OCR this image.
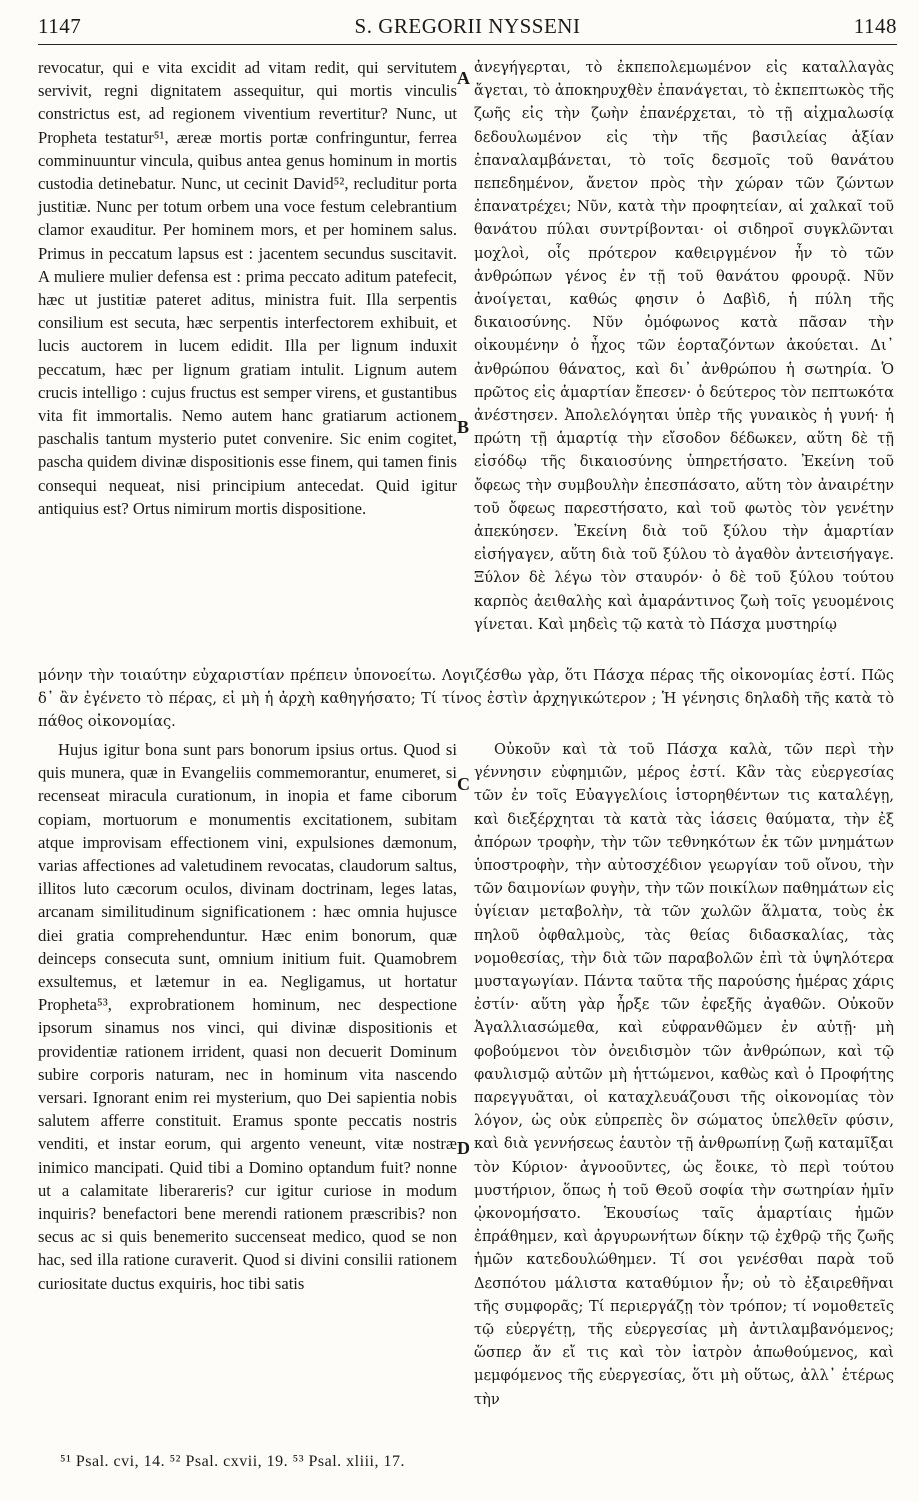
1147	S. GREGORII NYSSENI	1148

revocatur, qui e vita excidit ad vitam redit, qui servitutem servivit, regni dignitatem assequitur, qui mortis vinculis constrictus est, ad regionem viventium revertitur? Nunc, ut Propheta testatur⁵¹, æreæ mortis portæ confringuntur, ferrea comminuuntur vincula, quibus antea genus hominum in mortis custodia detinebatur. Nunc, ut cecinit David⁵², recluditur porta justitiæ. Nunc per totum orbem una voce festum celebrantium clamor exauditur. Per hominem mors, et per hominem salus. Primus in peccatum lapsus est : jacentem secundus suscitavit. A muliere mulier defensa est : prima peccato aditum patefecit, hæc ut justitiæ pateret aditus, ministra fuit. Illa serpentis consilium est secuta, hæc serpentis interfectorem exhibuit, et lucis auctorem in lucem edidit. Illa per lignum induxit peccatum, hæc per lignum gratiam intulit. Lignum autem crucis intelligo : cujus fructus est semper virens, et gustantibus vita fit immortalis. Nemo autem hanc gratiarum actionem paschalis tantum mysterio putet convenire. Sic enim cogitet, pascha quidem divinæ dispositionis esse finem, qui tamen finis consequi nequeat, nisi principium antecedat. Quid igitur antiquius est? Ortus nimirum mortis dispositione.

ἀνεγήγερται, τὸ ἐκπεπολεμωμένον εἰς καταλλαγὰς ἄγεται, τὸ ἀποκηρυχθὲν ἐπανάγεται, τὸ ἐκπεπτωκὸς τῆς ζωῆς εἰς τὴν ζωὴν ἐπανέρχεται, τὸ τῇ αἰχμαλωσίᾳ δεδουλωμένον εἰς τὴν τῆς βασιλείας ἀξίαν ἐπαναλαμβάνεται, τὸ τοῖς δεσμοῖς τοῦ θανάτου πεπεδημένον, ἄνετον πρὸς τὴν χώραν τῶν ζώντων ἐπανατρέχει; Νῦν, κατὰ τὴν προφητείαν, αἱ χαλκαῖ τοῦ θανάτου πύλαι συντρίβονται· οἱ σιδηροῖ συγκλῶνται μοχλοὶ, οἷς πρότερον καθειργμένον ἦν τὸ τῶν ἀνθρώπων γένος ἐν τῇ τοῦ θανάτου φρουρᾷ. Νῦν ἀνοίγεται, καθώς φησιν ὁ Δαβὶδ, ἡ πύλη τῆς δικαιοσύνης. Νῦν ὁμόφωνος κατὰ πᾶσαν τὴν οἰκουμένην ὁ ἦχος τῶν ἑορταζόντων ἀκούεται. Δι᾽ ἀνθρώπου θάνατος, καὶ δι᾽ ἀνθρώπου ἡ σωτηρία. Ὁ πρῶτος εἰς ἁμαρτίαν ἔπεσεν· ὁ δεύτερος τὸν πεπτωκότα ἀνέστησεν. Ἀπολελόγηται ὑπὲρ τῆς γυναικὸς ἡ γυνή· ἡ πρώτη τῇ ἁμαρτίᾳ τὴν εἴσοδον δέδωκεν, αὕτη δὲ τῇ εἰσόδῳ τῆς δικαιοσύνης ὑπηρετήσατο. Ἐκείνη τοῦ ὄφεως τὴν συμβουλὴν ἐπεσπάσατο, αὕτη τὸν ἀναιρέτην τοῦ ὄφεως παρεστήσατο, καὶ τοῦ φωτὸς τὸν γενέτην ἀπεκύησεν. Ἐκείνη διὰ τοῦ ξύλου τὴν ἁμαρτίαν εἰσήγαγεν, αὕτη διὰ τοῦ ξύλου τὸ ἀγαθὸν ἀντεισήγαγε. Ξύλον δὲ λέγω τὸν σταυρόν· ὁ δὲ τοῦ ξύλου τούτου καρπὸς ἀειθαλὴς καὶ ἀμαράντινος ζωὴ τοῖς γευομένοις γίνεται. Καὶ μηδεὶς τῷ κατὰ τὸ Πάσχα μυστηρίῳ

μόνην τὴν τοιαύτην εὐχαριστίαν πρέπειν ὑπονοείτω. Λογιζέσθω γὰρ, ὅτι Πάσχα πέρας τῆς οἰκονομίας ἐστί. Πῶς δ᾽ ἂν ἐγένετο τὸ πέρας, εἰ μὴ ἡ ἀρχὴ καθηγήσατο; Τί τίνος ἐστὶν ἀρχηγικώτερον ; Ἡ γένησις δηλαδὴ τῆς κατὰ τὸ πάθος οἰκονομίας.

Hujus igitur bona sunt pars bonorum ipsius ortus. Quod si quis munera, quæ in Evangeliis commemorantur, enumeret, si recenseat miracula curationum, in inopia et fame ciborum copiam, mortuorum e monumentis excitationem, subitam atque improvisam effectionem vini, expulsiones dæmonum, varias affectiones ad valetudinem revocatas, claudorum saltus, illitos luto cæcorum oculos, divinam doctrinam, leges latas, arcanam similitudinum significationem : hæc omnia hujusce diei gratia comprehenduntur. Hæc enim bonorum, quæ deinceps consecuta sunt, omnium initium fuit. Quamobrem exsultemus, et lætemur in ea. Negligamus, ut hortatur Propheta⁵³, exprobrationem hominum, nec despectione ipsorum sinamus nos vinci, qui divinæ dispositionis et providentiæ rationem irrident, quasi non decuerit Dominum subire corporis naturam, nec in hominum vita nascendo versari. Ignorant enim rei mysterium, quo Dei sapientia nobis salutem afferre constituit. Eramus sponte peccatis nostris venditi, et instar eorum, qui argento veneunt, vitæ nostræ inimico mancipati. Quid tibi a Domino optandum fuit? nonne ut a calamitate liberareris? cur igitur curiose in modum inquiris? benefactori bene merendi rationem præscribis? non secus ac si quis benemerito succenseat medico, quod se non hac, sed illa ratione curaverit. Quod si divini consilii rationem curiositate ductus exquiris, hoc tibi satis

Οὐκοῦν καὶ τὰ τοῦ Πάσχα καλὰ, τῶν περὶ τὴν γέννησιν εὐφημιῶν, μέρος ἐστί. Κἂν τὰς εὐεργεσίας τῶν ἐν τοῖς Εὐαγγελίοις ἱστορηθέντων τις καταλέγῃ, καὶ διεξέρχηται τὰ κατὰ τὰς ἰάσεις θαύματα, τὴν ἐξ ἀπόρων τροφὴν, τὴν τῶν τεθνηκότων ἐκ τῶν μνημάτων ὑποστροφὴν, τὴν αὐτοσχέδιον γεωργίαν τοῦ οἴνου, τὴν τῶν δαιμονίων φυγὴν, τὴν τῶν ποικίλων παθημάτων εἰς ὑγίειαν μεταβολὴν, τὰ τῶν χωλῶν ἅλματα, τοὺς ἐκ πηλοῦ ὀφθαλμοὺς, τὰς θείας διδασκαλίας, τὰς νομοθεσίας, τὴν διὰ τῶν παραβολῶν ἐπὶ τὰ ὑψηλότερα μυσταγωγίαν. Πάντα ταῦτα τῆς παρούσης ἡμέρας χάρις ἐστίν· αὕτη γὰρ ἦρξε τῶν ἐφεξῆς ἀγαθῶν. Οὐκοῦν Ἀγαλλιασώμεθα, καὶ εὐφρανθῶμεν ἐν αὐτῇ· μὴ φοβούμενοι τὸν ὀνειδισμὸν τῶν ἀνθρώπων, καὶ τῷ φαυλισμῷ αὐτῶν μὴ ἡττώμενοι, καθὼς καὶ ὁ Προφήτης παρεγγυᾶται, οἱ καταχλευάζουσι τῆς οἰκονομίας τὸν λόγον, ὡς οὐκ εὐπρεπὲς ὂν σώματος ὑπελθεῖν φύσιν, καὶ διὰ γεννήσεως ἑαυτὸν τῇ ἀνθρωπίνῃ ζωῇ καταμῖξαι τὸν Κύριον· ἀγνοοῦντες, ὡς ἔοικε, τὸ περὶ τούτου μυστήριον, ὅπως ἡ τοῦ Θεοῦ σοφία τὴν σωτηρίαν ἡμῖν ᾠκονομήσατο. Ἑκουσίως ταῖς ἁμαρτίαις ἡμῶν ἐπράθημεν, καὶ ἀργυρωνήτων δίκην τῷ ἐχθρῷ τῆς ζωῆς ἡμῶν κατεδουλώθημεν. Τί σοι γενέσθαι παρὰ τοῦ Δεσπότου μάλιστα καταθύμιον ἦν; οὐ τὸ ἐξαιρεθῆναι τῆς συμφορᾶς; Τί περιεργάζῃ τὸν τρόπον; τί νομοθετεῖς τῷ εὐεργέτῃ, τῆς εὐεργεσίας μὴ ἀντιλαμβανόμενος; ὥσπερ ἄν εἴ τις καὶ τὸν ἰατρὸν ἀπωθούμενος, καὶ μεμφόμενος τῆς εὐεργεσίας, ὅτι μὴ οὕτως, ἀλλ᾽ ἑτέρως τὴν

A
B
C
D
⁵¹ Psal. cvi, 14. ⁵² Psal. cxvii, 19. ⁵³ Psal. xliii, 17.
